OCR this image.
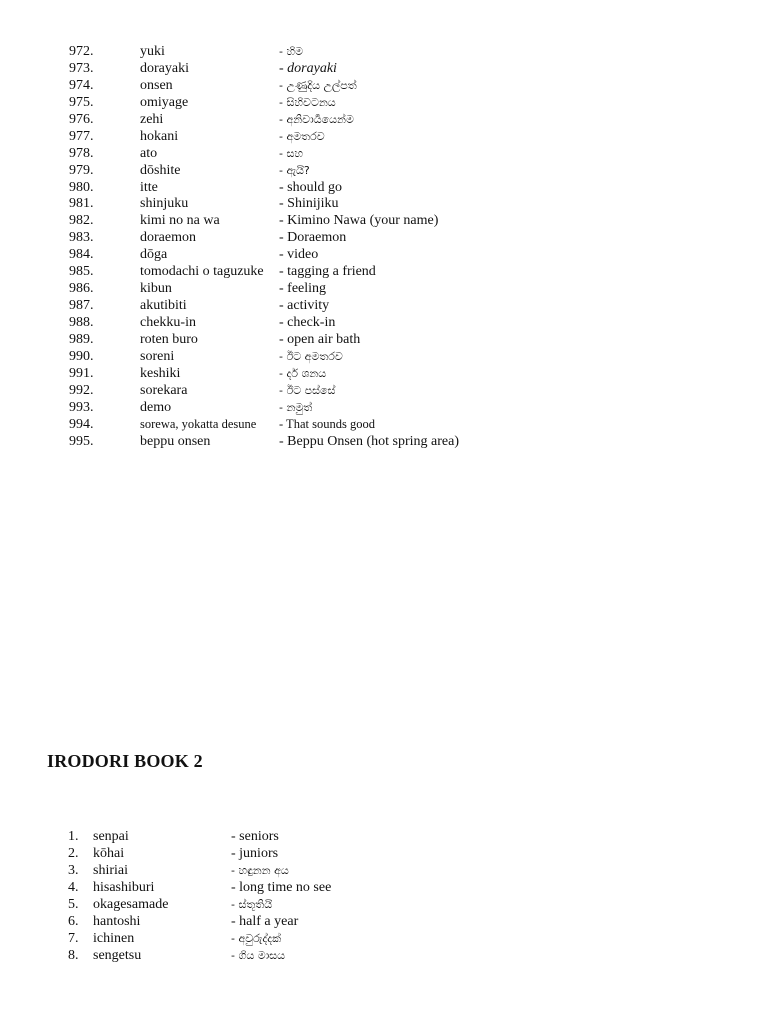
972.	yuki	- හිම
973.	dorayaki	- dorayaki
974.	onsen	- උණුදිය උල්පත්
975.	omiyage	- සිහිවටනය
976.	zehi	- අනිවාර්‍යයෙන්ම
977.	hokani	- අමතරව
978.	ato	- සහ
979.	dōshite	- ඇයි?
980.	itte	- should go
981.	shinjuku	- Shinijiku
982.	kimi no na wa	- Kimino Nawa (your name)
983.	doraemon	- Doraemon
984.	dōga	- video
985.	tomodachi o taguzuke - tagging a friend
986.	kibun	- feeling
987.	akutibiti	- activity
988.	chekku-in	- check-in
989.	roten buro	- open air bath
990.	soreni	- ඊට අමතරව
991.	keshiki	- දර් ශනය
992.	sorekara	- ඊට පස්සේ
993.	demo	- නමුත්
994.	sorewa, yokatta desune - That sounds good
995.	beppu onsen	- Beppu Onsen (hot spring area)
IRODORI BOOK 2
1. senpai	- seniors
2. kōhai	- juniors
3. shiriai	- හඳුනන අය
4. hisashiburi	- long time no see
5. okagesamade	- ස්තූතියි
6. hantoshi	- half a year
7. ichinen	- අවුරුද්දක්
8. sengetsu	- ගිය මාසය
